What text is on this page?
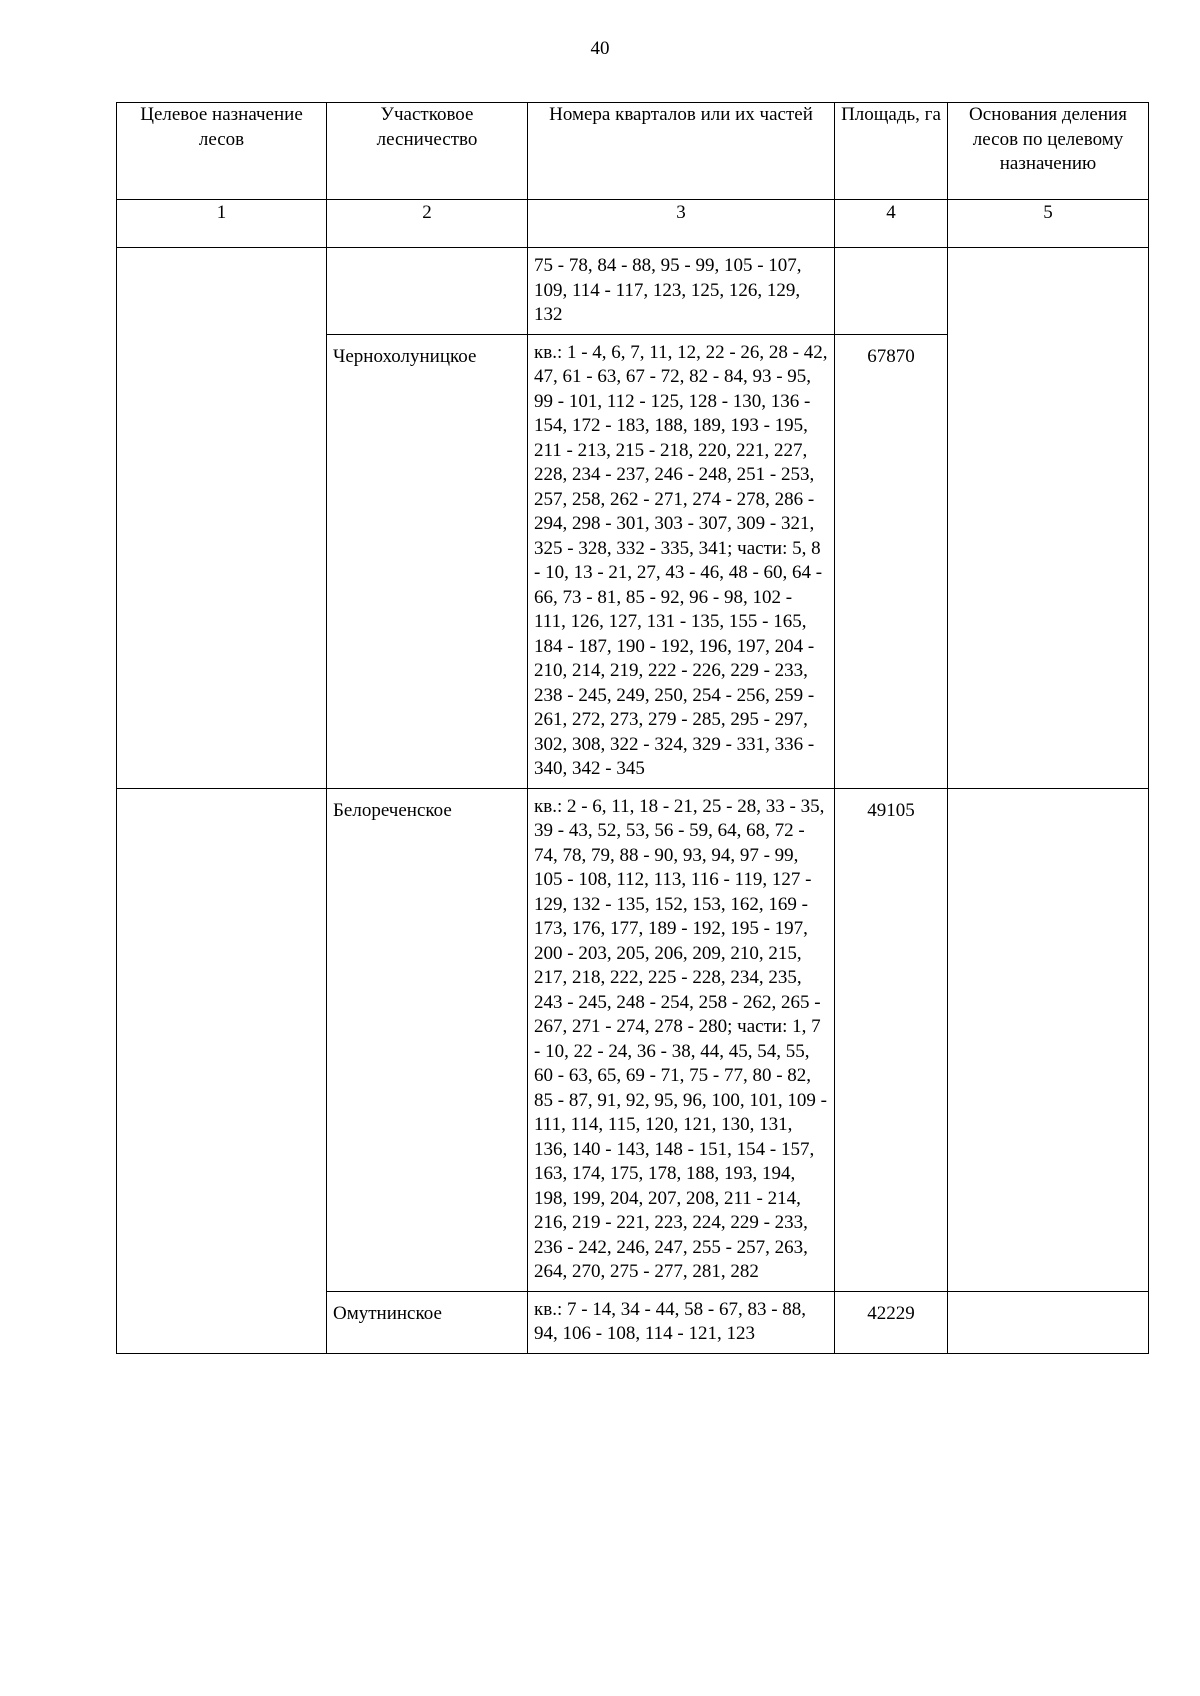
40
Целевое назначение лесов	Участковое лесничество	Номера кварталов или их частей	Площадь, га	Основания деления лесов по целевому назначению
1	2	3	4	5
		75 - 78, 84 - 88, 95 - 99, 105 - 107, 109, 114 - 117, 123, 125, 126, 129, 132		
	Чернохолуницкое	кв.: 1 - 4, 6, 7, 11, 12, 22 - 26, 28 - 42, 47, 61 - 63, 67 - 72, 82 - 84, 93 - 95, 99 - 101, 112 - 125, 128 - 130, 136 - 154, 172 - 183, 188, 189, 193 - 195, 211 - 213, 215 - 218, 220, 221, 227, 228, 234 - 237, 246 - 248, 251 - 253, 257, 258, 262 - 271, 274 - 278, 286 - 294, 298 - 301, 303 - 307, 309 - 321, 325 - 328, 332 - 335, 341; части: 5, 8 - 10, 13 - 21, 27, 43 - 46, 48 - 60, 64 - 66, 73 - 81, 85 - 92, 96 - 98, 102 - 111, 126, 127, 131 - 135, 155 - 165, 184 - 187, 190 - 192, 196, 197, 204 - 210, 214, 219, 222 - 226, 229 - 233, 238 - 245, 249, 250, 254 - 256, 259 - 261, 272, 273, 279 - 285, 295 - 297, 302, 308, 322 - 324, 329 - 331, 336 - 340, 342 - 345	67870	
	Белореченское	кв.: 2 - 6, 11, 18 - 21, 25 - 28, 33 - 35, 39 - 43, 52, 53, 56 - 59, 64, 68, 72 - 74, 78, 79, 88 - 90, 93, 94, 97 - 99, 105 - 108, 112, 113, 116 - 119, 127 - 129, 132 - 135, 152, 153, 162, 169 - 173, 176, 177, 189 - 192, 195 - 197, 200 - 203, 205, 206, 209, 210, 215, 217, 218, 222, 225 - 228, 234, 235, 243 - 245, 248 - 254, 258 - 262, 265 - 267, 271 - 274, 278 - 280; части: 1, 7 - 10, 22 - 24, 36 - 38, 44, 45, 54, 55, 60 - 63, 65, 69 - 71, 75 - 77, 80 - 82, 85 - 87, 91, 92, 95, 96, 100, 101, 109 - 111, 114, 115, 120, 121, 130, 131, 136, 140 - 143, 148 - 151, 154 - 157, 163, 174, 175, 178, 188, 193, 194, 198, 199, 204, 207, 208, 211 - 214, 216, 219 - 221, 223, 224, 229 - 233, 236 - 242, 246, 247, 255 - 257, 263, 264, 270, 275 - 277, 281, 282	49105	
	Омутнинское	кв.: 7 - 14, 34 - 44, 58 - 67, 83 - 88, 94, 106 - 108, 114 - 121, 123	42229	
